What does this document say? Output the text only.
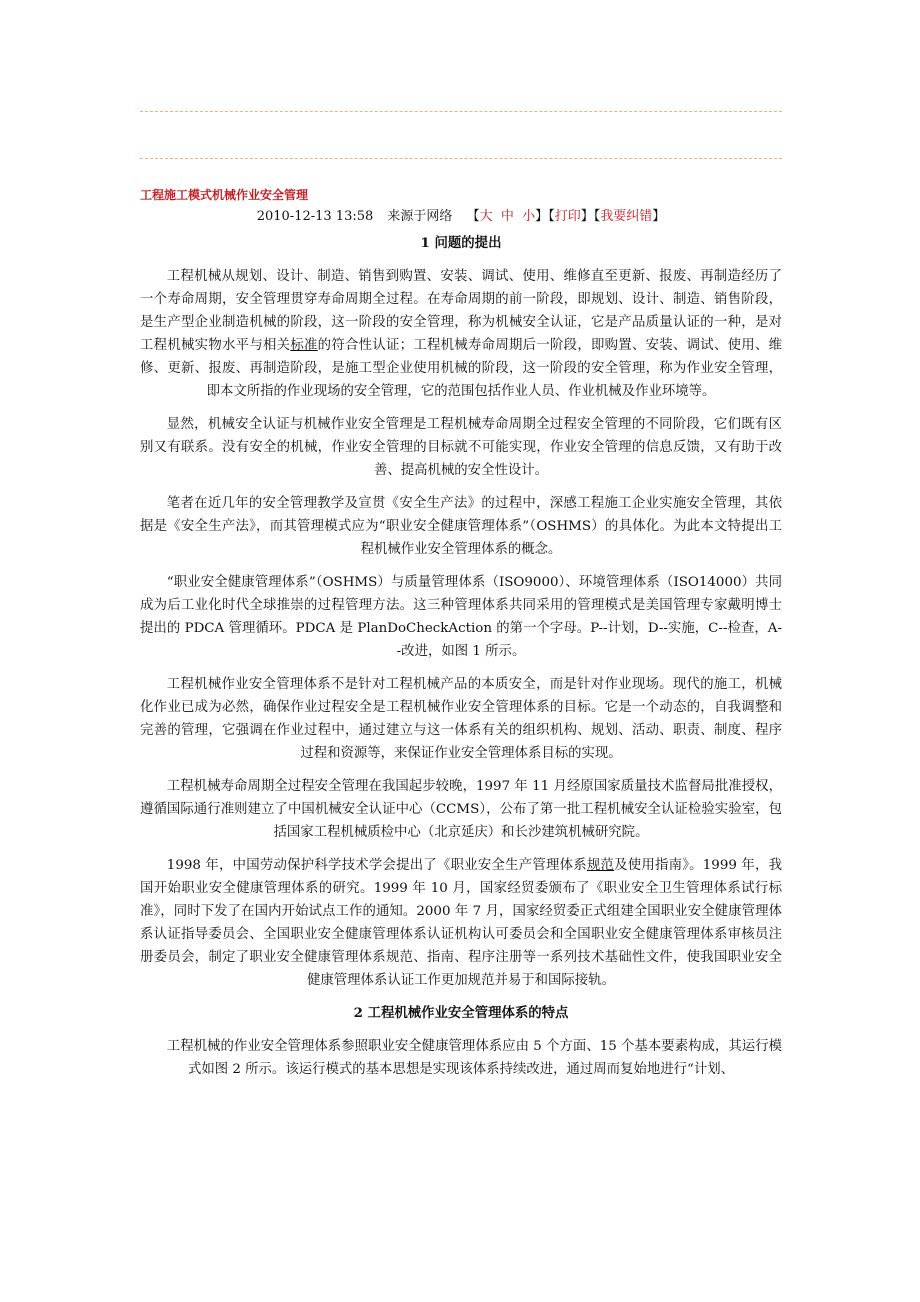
工程施工模式机械作业安全管理
2010-12-13 13:58 来源于网络 【大 中 小】【打印】【我要纠错】
1 问题的提出

工程机械从规划、设计、制造、销售到购置、安装、调试、使用、维修直至更新、报废、再制造经历了一个寿命周期，安全管理贯穿寿命周期全过程。在寿命周期的前一阶段，即规划、设计、制造、销售阶段，是生产型企业制造机械的阶段，这一阶段的安全管理，称为机械安全认证，它是产品质量认证的一种，是对工程机械实物水平与相关标准的符合性认证；工程机械寿命周期后一阶段，即购置、安装、调试、使用、维修、更新、报废、再制造阶段，是施工型企业使用机械的阶段，这一阶段的安全管理，称为作业安全管理，即本文所指的作业现场的安全管理，它的范围包括作业人员、作业机械及作业环境等。

显然，机械安全认证与机械作业安全管理是工程机械寿命周期全过程安全管理的不同阶段，它们既有区别又有联系。没有安全的机械，作业安全管理的目标就不可能实现，作业安全管理的信息反馈，又有助于改善、提高机械的安全性设计。

笔者在近几年的安全管理教学及宣贯《安全生产法》的过程中，深感工程施工企业实施安全管理，其依据是《安全生产法》，而其管理模式应为“职业安全健康管理体系”（OSHMS）的具体化。为此本文特提出工程机械作业安全管理体系的概念。

“职业安全健康管理体系”（OSHMS）与质量管理体系（ISO9000）、环境管理体系（ISO14000）共同成为后工业化时代全球推崇的过程管理方法。这三种管理体系共同采用的管理模式是美国管理专家戴明博士提出的 PDCA 管理循环。PDCA 是 PlanDoCheckAction 的第一个字母。P--计划，D--实施，C--检查，A--改进，如图 1 所示。

工程机械作业安全管理体系不是针对工程机械产品的本质安全，而是针对作业现场。现代的施工，机械化作业已成为必然，确保作业过程安全是工程机械作业安全管理体系的目标。它是一个动态的，自我调整和完善的管理，它强调在作业过程中，通过建立与这一体系有关的组织机构、规划、活动、职责、制度、程序过程和资源等，来保证作业安全管理体系目标的实现。

工程机械寿命周期全过程安全管理在我国起步较晚，1997 年 11 月经原国家质量技术监督局批准授权，遵循国际通行准则建立了中国机械安全认证中心（CCMS），公布了第一批工程机械安全认证检验实验室，包括国家工程机械质检中心（北京延庆）和长沙建筑机械研究院。

1998 年，中国劳动保护科学技术学会提出了《职业安全生产管理体系规范及使用指南》。1999 年，我国开始职业安全健康管理体系的研究。1999 年 10 月，国家经贸委颁布了《职业安全卫生管理体系试行标准》，同时下发了在国内开始试点工作的通知。2000 年 7 月，国家经贸委正式组建全国职业安全健康管理体系认证指导委员会、全国职业安全健康管理体系认证机构认可委员会和全国职业安全健康管理体系审核员注册委员会，制定了职业安全健康管理体系规范、指南、程序注册等一系列技术基础性文件，使我国职业安全健康管理体系认证工作更加规范并易于和国际接轨。

2 工程机械作业安全管理体系的特点

工程机械的作业安全管理体系参照职业安全健康管理体系应由 5 个方面、15 个基本要素构成，其运行模式如图 2 所示。该运行模式的基本思想是实现该体系持续改进，通过周而复始地进行“计划、
